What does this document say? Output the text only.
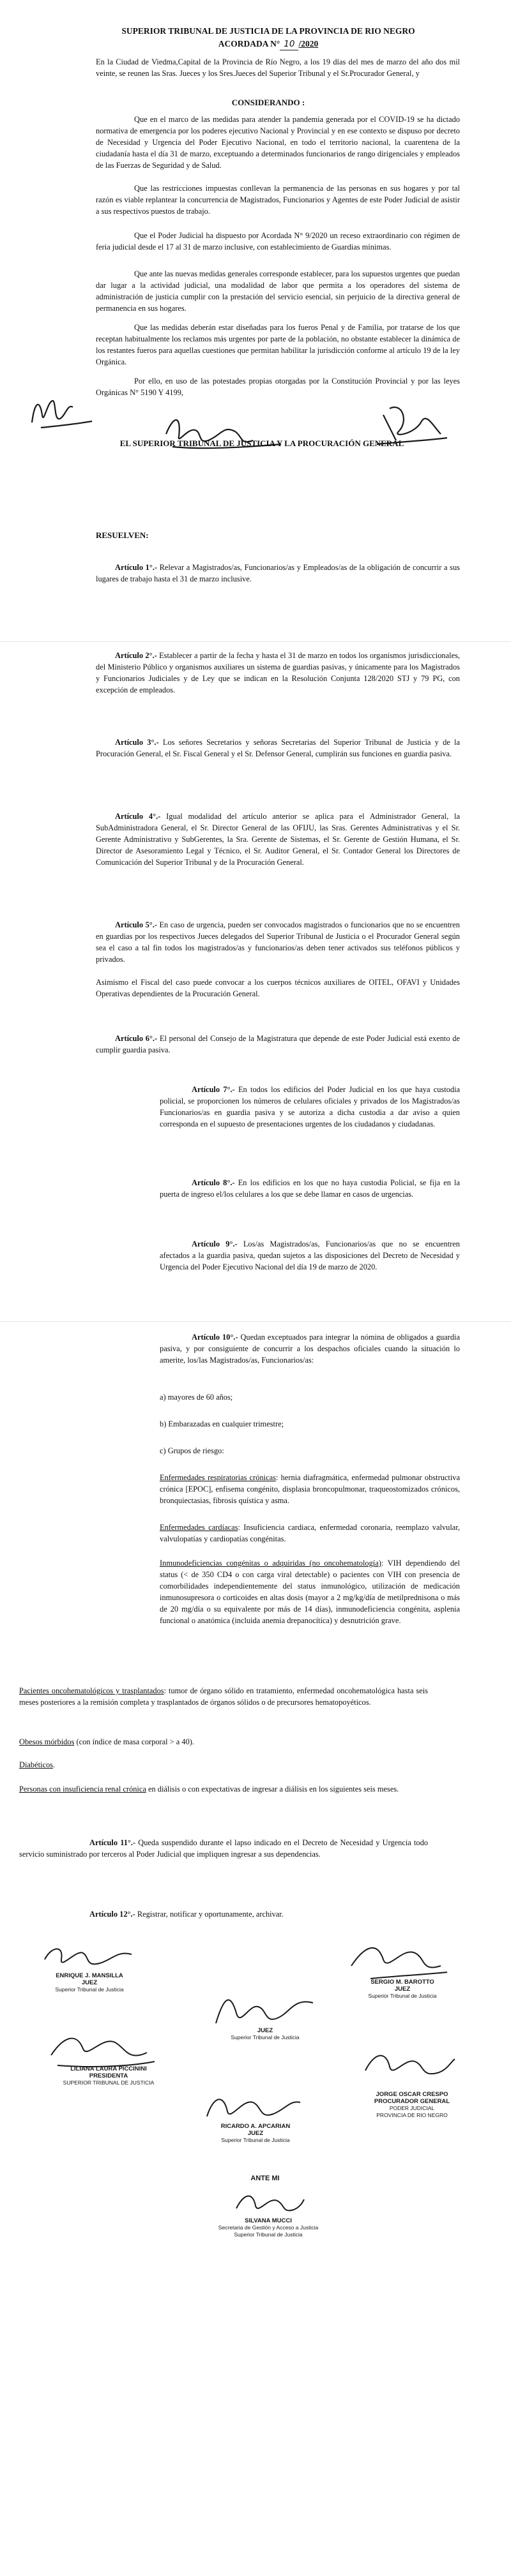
SUPERIOR TRIBUNAL DE JUSTICIA DE LA PROVINCIA DE RIO NEGRO
ACORDADA N° 10 /2020

En la Ciudad de Viedma,Capital de la Provincia de Río Negro, a los 19 días del mes de marzo del año dos mil veinte, se reunen las Sras. Jueces y los Sres.Jueces del Superior Tribunal y el Sr.Procurador General, y

CONSIDERANDO :

Que en el marco de las medidas para atender la pandemia generada por el COVID-19 se ha dictado normativa de emergencia por los poderes ejecutivo Nacional y Provincial y en ese contexto se dispuso por decreto de Necesidad y Urgencia del Poder Ejecutivo Nacional, en todo el territorio nacional, la cuarentena de la ciudadanía hasta el día 31 de marzo, exceptuando a determinados funcionarios de rango dirigenciales y empleados de las Fuerzas de Seguridad y de Salud.

Que las restricciones impuestas conllevan la permanencia de las personas en sus hogares y por tal razón es viable replantear la concurrencia de Magistrados, Funcionarios y Agentes de este Poder Judicial de asistir a sus respectivos puestos de trabajo.

Que el Poder Judicial ha dispuesto por Acordada N° 9/2020 un receso extraordinario con régimen de feria judicial desde el 17 al 31 de marzo inclusive, con establecimiento de Guardias mínimas.

Que ante las nuevas medidas generales corresponde establecer, para los supuestos urgentes que puedan dar lugar a la actividad judicial, una modalidad de labor que permita a los operadores del sistema de administración de justicia cumplir con la prestación del servicio esencial, sin perjuicio de la directiva general de permanencia en sus hogares.

Que las medidas deberán estar diseñadas para los fueros Penal y de Familia, por tratarse de los que receptan habitualmente los reclamos más urgentes por parte de la población, no obstante establecer la dinámica de los restantes fueros para aquellas cuestiones que permitan habilitar la jurisdicción conforme al artículo 19 de la ley Orgánica.

Por ello, en uso de las potestades propias otorgadas por la Constitución Provincial y por las leyes Orgánicas N° 5190 Y 4199,

EL SUPERIOR TRIBUNAL DE JUSTICIA Y LA PROCURACIÓN GENERAL
RESUELVEN:

Artículo 1°.- Relevar a Magistrados/as, Funcionarios/as y Empleados/as de la obligación de concurrir a sus lugares de trabajo hasta el 31 de marzo inclusive.

Artículo 2°.- Establecer a partir de la fecha y hasta el 31 de marzo en todos los organismos jurisdiccionales, del Ministerio Público y organismos auxiliares un sistema de guardias pasivas, y únicamente para los Magistrados y Funcionarios Judiciales y de Ley que se indican en la Resolución Conjunta 128/2020 STJ y 79 PG, con excepción de empleados.

Artículo 3°.- Los señores Secretarios y señoras Secretarias del Superior Tribunal de Justicia y de la Procuración General, el Sr. Fiscal General y el Sr. Defensor General, cumplirán sus funciones en guardia pasiva.

Artículo 4°.- Igual modalidad del artículo anterior se aplica para el Administrador General, la SubAdministradora General, el Sr. Director General de las OFIJU, las Sras. Gerentes Administrativas y el Sr. Gerente Administrativo y SubGerentes, la Sra. Gerente de Sistemas, el Sr. Gerente de Gestión Humana, el Sr. Director de Asesoramiento Legal y Técnico, el Sr. Auditor General, el Sr. Contador General los Directores de Comunicación del Superior Tribunal y de la Procuración General.

Artículo 5°.- En caso de urgencia, pueden ser convocados magistrados o funcionarios que no se encuentren en guardias por los respectivos Jueces delegados del Superior Tribunal de Justicia o el Procurador General según sea el caso a tal fin todos los magistrados/as y funcionarios/as deben tener activados sus teléfonos públicos y privados.

Asimismo el Fiscal del caso puede convocar a los cuerpos técnicos auxiliares de OITEL, OFAVI y Unidades Operativas dependientes de la Procuración General.

Artículo 6°.- El personal del Consejo de la Magistratura que depende de este Poder Judicial está exento de cumplir guardia pasiva.

Artículo 7°.- En todos los edificios del Poder Judicial en los que haya custodia policial, se proporcionen los números de celulares oficiales y privados de los Magistrados/as Funcionarios/as en guardia pasiva y se autoriza a dicha custodia a dar aviso a quien corresponda en el supuesto de presentaciones urgentes de los ciudadanos y ciudadanas.

Artículo 8°.- En los edificios en los que no haya custodia Policial, se fija en la puerta de ingreso el/los celulares a los que se debe llamar en casos de urgencias.

Artículo 9°.- Los/as Magistrados/as, Funcionarios/as que no se encuentren afectados a la guardia pasiva, quedan sujetos a las disposiciones del Decreto de Necesidad y Urgencia del Poder Ejecutivo Nacional del día 19 de marzo de 2020.

Artículo 10°.- Quedan exceptuados para integrar la nómina de obligados a guardia pasiva, y por consiguiente de concurrir a los despachos oficiales cuando la situación lo amerite, los/las Magistrados/as, Funcionarios/as:

a) mayores de 60 años;

b) Embarazadas en cualquier trimestre;

c) Grupos de riesgo:

Enfermedades respiratorias crónicas: hernia diafragmática, enfermedad pulmonar obstructiva crónica [EPOC], enfisema congénito, displasia broncopulmonar, traqueostomizados crónicos, bronquiectasias, fibrosis quística y asma.

Enfermedades cardíacas: Insuficiencia cardiaca, enfermedad coronaria, reemplazo valvular, valvulopatías y cardiopatías congénitas.

Inmunodeficiencias congénitas o adquiridas (no oncohematología): VIH dependiendo del status (< de 350 CD4 o con carga viral detectable) o pacientes con VIH con presencia de comorbilidades independientemente del status inmunológico, utilización de medicación inmunosupresora o corticoides en altas dosis (mayor a 2 mg/kg/día de metilprednisona o más de 20 mg/día o su equivalente por más de 14 días), inmunodeficiencia congénita, asplenia funcional o anatómica (incluida anemia drepanocítica) y desnutrición grave.

Pacientes oncohematológicos y trasplantados: tumor de órgano sólido en tratamiento, enfermedad oncohematológica hasta seis meses posteriores a la remisión completa y trasplantados de órganos sólidos o de precursores hematopoyéticos.

Obesos mórbidos (con índice de masa corporal > a 40).

Diabéticos.

Personas con insuficiencia renal crónica en diálisis o con expectativas de ingresar a diálisis en los siguientes seis meses.

Artículo 11°.- Queda suspendido durante el lapso indicado en el Decreto de Necesidad y Urgencia todo servicio suministrado por terceros al Poder Judicial que impliquen ingresar a sus dependencias.

Artículo 12°.- Registrar, notificar y oportunamente, archivar.

ENRIQUE J. MANSILLA
JUEZ
Superior Tribunal de Justicia
SERGIO M. BAROTTO
JUEZ
Superior Tribunal de Justicia
JUEZ
Superior Tribunal de Justicia
LILIANA LAURA PICCININI
PRESIDENTA
SUPERIOR TRIBUNAL DE JUSTICIA
JORGE OSCAR CRESPO
PROCURADOR GENERAL
PODER JUDICIAL
PROVINCIA DE RIO NEGRO
RICARDO A. APCARIAN
JUEZ
Superior Tribunal de Justicia
ANTE MI
SILVANA MUCCI
Secretaria de Gestión y Acceso a Justicia
Superior Tribunal de Justicia
